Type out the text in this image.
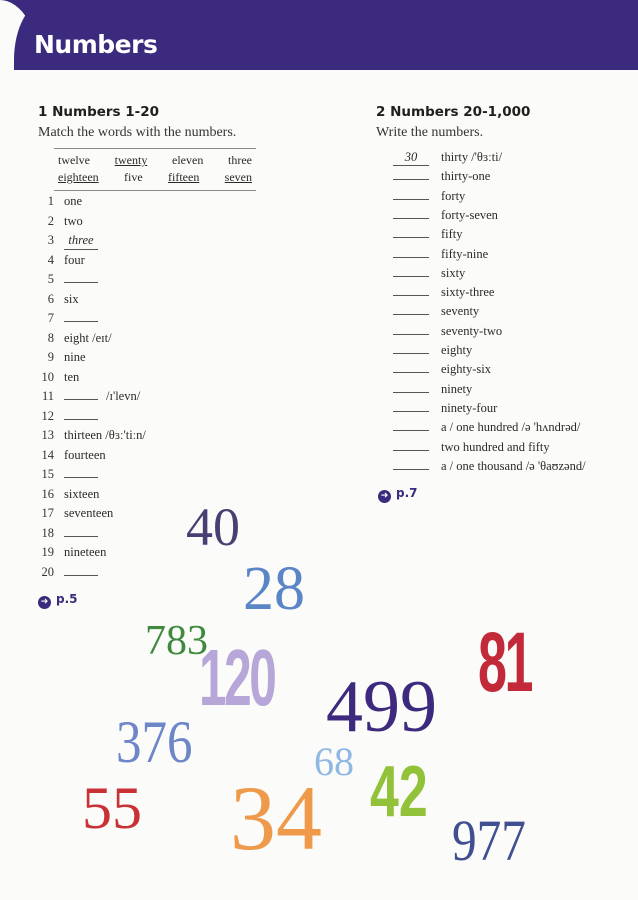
Numbers
1 Numbers 1-20
Match the words with the numbers.
twelve twenty eleven three
eighteen five fifteen seven
1 one
2 two
3 three
4 four
5
6 six
7
8 eight /eɪt/
9 nine
10 ten
11	/ɪ'levn/
12
13 thirteen /θɜː'tiːn/
14 fourteen
15
16 sixteen
17 seventeen
18
19 nineteen
20
➜ p.5
2 Numbers 20-1,000
Write the numbers.
30 thirty /'θɜːti/
thirty-one
forty
forty-seven
fifty
fifty-nine
sixty
sixty-three
seventy
seventy-two
eighty
eighty-six
ninety
ninety-four
a / one hundred /ə 'hʌndrəd/
two hundred and fifty
a / one thousand /ə 'θaʊzənd/
➜ p.7
40
28
783
120 81
499
376	68
55 34 42
977
